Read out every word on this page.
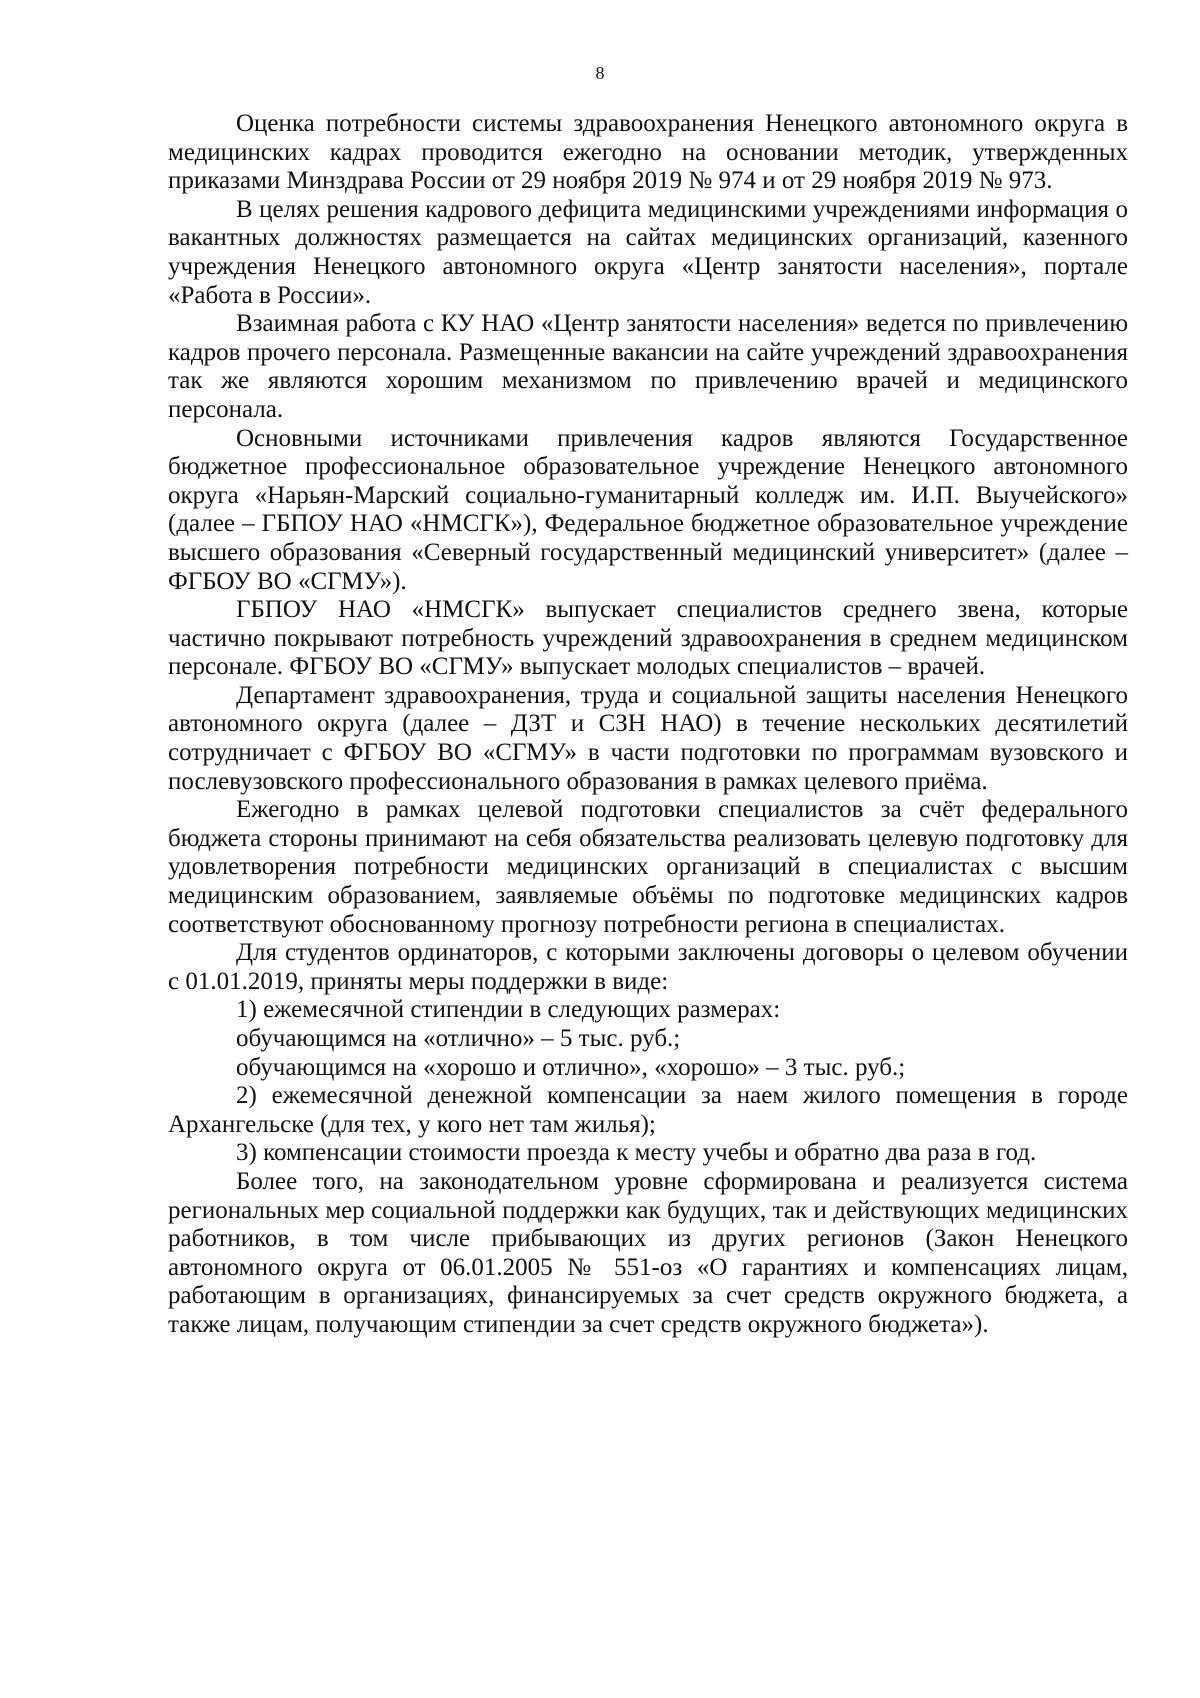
8

Оценка потребности системы здравоохранения Ненецкого автономного округа в медицинских кадрах проводится ежегодно на основании методик, утвержденных приказами Минздрава России от 29 ноября 2019 № 974 и от 29 ноября 2019 № 973.

В целях решения кадрового дефицита медицинскими учреждениями информация о вакантных должностях размещается на сайтах медицинских организаций, казенного учреждения Ненецкого автономного округа «Центр занятости населения», портале «Работа в России».

Взаимная работа с КУ НАО «Центр занятости населения» ведется по привлечению кадров прочего персонала. Размещенные вакансии на сайте учреждений здравоохранения так же являются хорошим механизмом по привлечению врачей и медицинского персонала.

Основными источниками привлечения кадров являются Государственное бюджетное профессиональное образовательное учреждение Ненецкого автономного округа «Нарьян-Марский социально-гуманитарный колледж им. И.П. Выучейского» (далее – ГБПОУ НАО «НМСГК»), Федеральное бюджетное образовательное учреждение высшего образования «Северный государственный медицинский университет» (далее – ФГБОУ ВО «СГМУ»).

ГБПОУ НАО «НМСГК» выпускает специалистов среднего звена, которые частично покрывают потребность учреждений здравоохранения в среднем медицинском персонале. ФГБОУ ВО «СГМУ» выпускает молодых специалистов – врачей.

Департамент здравоохранения, труда и социальной защиты населения Ненецкого автономного округа (далее – ДЗТ и СЗН НАО) в течение нескольких десятилетий сотрудничает с ФГБОУ ВО «СГМУ» в части подготовки по программам вузовского и послевузовского профессионального образования в рамках целевого приёма.

Ежегодно в рамках целевой подготовки специалистов за счёт федерального бюджета стороны принимают на себя обязательства реализовать целевую подготовку для удовлетворения потребности медицинских организаций в специалистах с высшим медицинским образованием, заявляемые объёмы по подготовке медицинских кадров соответствуют обоснованному прогнозу потребности региона в специалистах.

Для студентов ординаторов, с которыми заключены договоры о целевом обучении с 01.01.2019, приняты меры поддержки в виде:

1) ежемесячной стипендии в следующих размерах:

обучающимся на «отлично» – 5 тыс. руб.;

обучающимся на «хорошо и отлично», «хорошо» – 3 тыс. руб.;

2) ежемесячной денежной компенсации за наем жилого помещения в городе Архангельске (для тех, у кого нет там жилья);

3) компенсации стоимости проезда к месту учебы и обратно два раза в год.

Более того, на законодательном уровне сформирована и реализуется система региональных мер социальной поддержки как будущих, так и действующих медицинских работников, в том числе прибывающих из других регионов (Закон Ненецкого автономного округа от 06.01.2005 № 551-оз «О гарантиях и компенсациях лицам, работающим в организациях, финансируемых за счет средств окружного бюджета, а также лицам, получающим стипендии за счет средств окружного бюджета»).
